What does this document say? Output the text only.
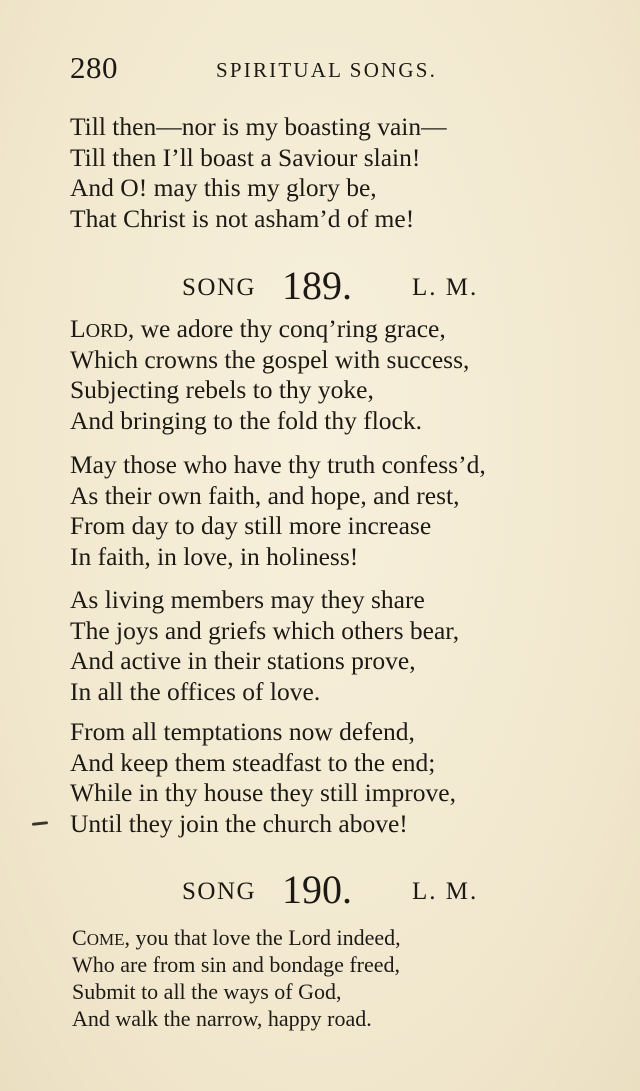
280	SPIRITUAL SONGS.
Till then—nor is my boasting vain—
Till then I’ll boast a Saviour slain!
And O! may this my glory be,
That Christ is not asham’d of me!
SONG 189. L. M.
LORD, we adore thy conq’ring grace,
Which crowns the gospel with success,
Subjecting rebels to thy yoke,
And bringing to the fold thy flock.
May those who have thy truth confess’d,
As their own faith, and hope, and rest,
From day to day still more increase
In faith, in love, in holiness!
As living members may they share
The joys and griefs which others bear,
And active in their stations prove,
In all the offices of love.
From all temptations now defend,
And keep them steadfast to the end;
While in thy house they still improve,
Until they join the church above!
SONG 190. L. M.
COME, you that love the Lord indeed,
Who are from sin and bondage freed,
Submit to all the ways of God,
And walk the narrow, happy road.
